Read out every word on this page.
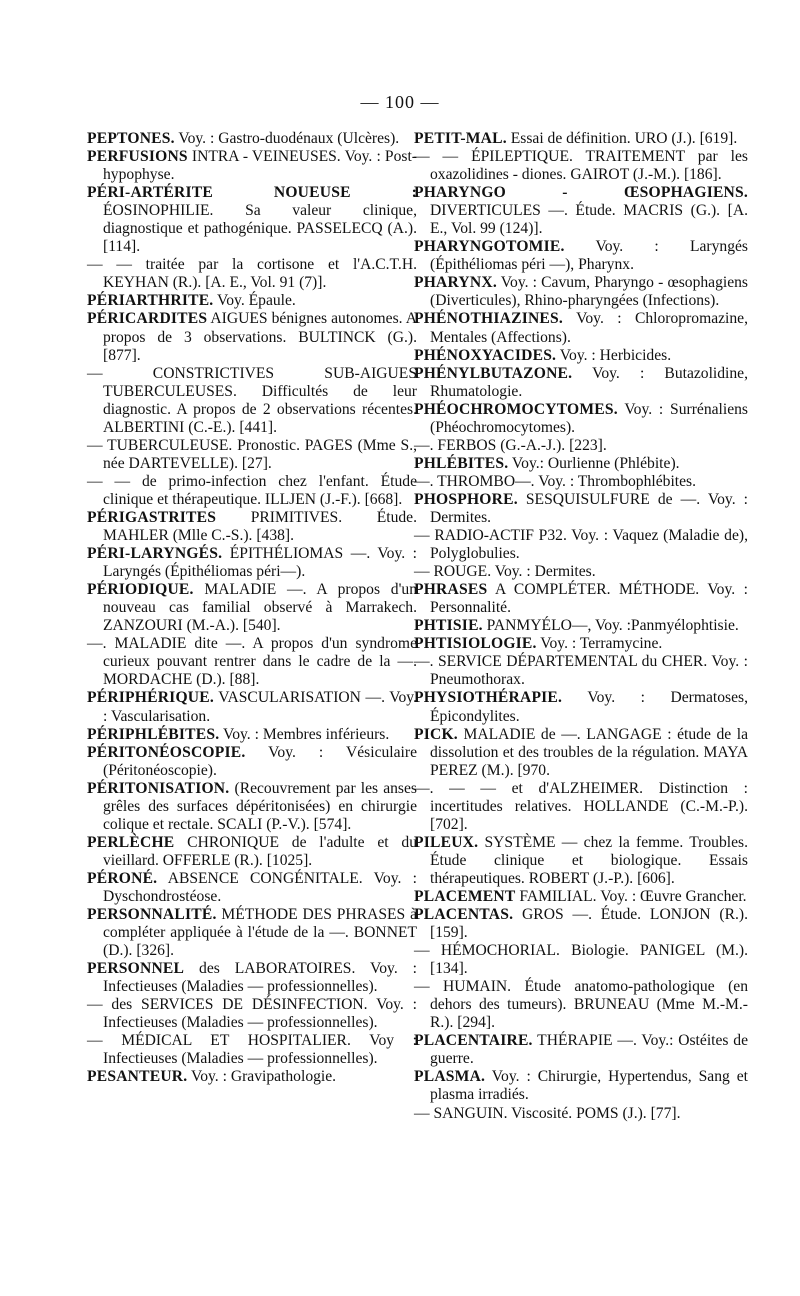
— 100 —

PEPTONES. Voy. : Gastro-duodénaux (Ulcères).

PERFUSIONS INTRA - VEINEUSES. Voy. : Post-hypophyse.

PÉRI-ARTÉRITE NOUEUSE : ÉOSINOPHILIE. Sa valeur clinique, diagnostique et pathogénique. PASSELECQ (A.). [114].

— — traitée par la cortisone et l'A.C.T.H. KEYHAN (R.). [A. E., Vol. 91 (7)].

PÉRIARTHRITE. Voy. Épaule.

PÉRICARDITES AIGUES bénignes autonomes. A propos de 3 observations. BULTINCK (G.). [877].

— CONSTRICTIVES SUB-AIGUES TUBERCULEUSES. Difficultés de leur diagnostic. A propos de 2 observations récentes. ALBERTINI (C.-E.). [441].

— TUBERCULEUSE. Pronostic. PAGES (Mme S., née DARTEVELLE). [27].

— — de primo-infection chez l'enfant. Étude clinique et thérapeutique. ILLJEN (J.-F.). [668].

PÉRIGASTRITES PRIMITIVES. Étude. MAHLER (Mlle C.-S.). [438].

PÉRI-LARYNGÉS. ÉPITHÉLIOMAS —. Voy. : Laryngés (Épithéliomas péri—).

PÉRIODIQUE. MALADIE —. A propos d'un nouveau cas familial observé à Marrakech. ZANZOURI (M.-A.). [540].

—. MALADIE dite —. A propos d'un syndrome curieux pouvant rentrer dans le cadre de la —. MORDACHE (D.). [88].

PÉRIPHÉRIQUE. VASCULARISATION —. Voy. : Vascularisation.

PÉRIPHLÉBITES. Voy. : Membres inférieurs.

PÉRITONÉOSCOPIE. Voy. : Vésiculaire (Péritonéoscopie).

PÉRITONISATION. (Recouvrement par les anses grêles des surfaces dépéritonisées) en chirurgie colique et rectale. SCALI (P.-V.). [574].

PERLÈCHE CHRONIQUE de l'adulte et du vieillard. OFFERLE (R.). [1025].

PÉRONÉ. ABSENCE CONGÉNITALE. Voy. : Dyschondrostéose.

PERSONNALITÉ. MÉTHODE DES PHRASES à compléter appliquée à l'étude de la —. BONNET (D.). [326].

PERSONNEL des LABORATOIRES. Voy. : Infectieuses (Maladies — professionnelles).

— des SERVICES DE DÉSINFECTION. Voy. : Infectieuses (Maladies — professionnelles).

— MÉDICAL ET HOSPITALIER. Voy : Infectieuses (Maladies — professionnelles).

PESANTEUR. Voy. : Gravipathologie.

PETIT-MAL. Essai de définition. URO (J.). [619].

— — ÉPILEPTIQUE. TRAITEMENT par les oxazolidines - diones. GAIROT (J.-M.). [186].

PHARYNGO - ŒSOPHAGIENS. DIVERTICULES —. Étude. MACRIS (G.). [A. E., Vol. 99 (124)].

PHARYNGOTOMIE. Voy. : Laryngés (Épithéliomas péri —), Pharynx.

PHARYNX. Voy. : Cavum, Pharyngo - œsophagiens (Diverticules), Rhino-pharyngées (Infections).

PHÉNOTHIAZINES. Voy. : Chloropromazine, Mentales (Affections).

PHÉNOXYACIDES. Voy. : Herbicides.

PHÉNYLBUTAZONE. Voy. : Butazolidine, Rhumatologie.

PHÉOCHROMOCYTOMES. Voy. : Surrénaliens (Phéochromocytomes).

—. FERBOS (G.-A.-J.). [223].

PHLÉBITES. Voy.: Ourlienne (Phlébite).

—. THROMBO—. Voy. : Thrombophlébites.

PHOSPHORE. SESQUISULFURE de —. Voy. : Dermites.

— RADIO-ACTIF P32. Voy. : Vaquez (Maladie de), Polyglobulies.

— ROUGE. Voy. : Dermites.

PHRASES A COMPLÉTER. MÉTHODE. Voy. : Personnalité.

PHTISIE. PANMYÉLO—, Voy. :Panmyélophtisie.

PHTISIOLOGIE. Voy. : Terramycine.

—. SERVICE DÉPARTEMENTAL du CHER. Voy. : Pneumothorax.

PHYSIOTHÉRAPIE. Voy. : Dermatoses, Épicondylites.

PICK. MALADIE de —. LANGAGE : étude de la dissolution et des troubles de la régulation. MAYA PEREZ (M.). [970.

—. — — et d'ALZHEIMER. Distinction : incertitudes relatives. HOLLANDE (C.-M.-P.). [702].

PILEUX. SYSTÈME — chez la femme. Troubles. Étude clinique et biologique. Essais thérapeutiques. ROBERT (J.-P.). [606].

PLACEMENT FAMILIAL. Voy. : Œuvre Grancher.

PLACENTAS. GROS —. Étude. LONJON (R.). [159].

— HÉMOCHORIAL. Biologie. PANIGEL (M.). [134].

— HUMAIN. Étude anatomo-pathologique (en dehors des tumeurs). BRUNEAU (Mme M.-M.-R.). [294].

PLACENTAIRE. THÉRAPIE —. Voy.: Ostéites de guerre.

PLASMA. Voy. : Chirurgie, Hypertendus, Sang et plasma irradiés.

— SANGUIN. Viscosité. POMS (J.). [77].
